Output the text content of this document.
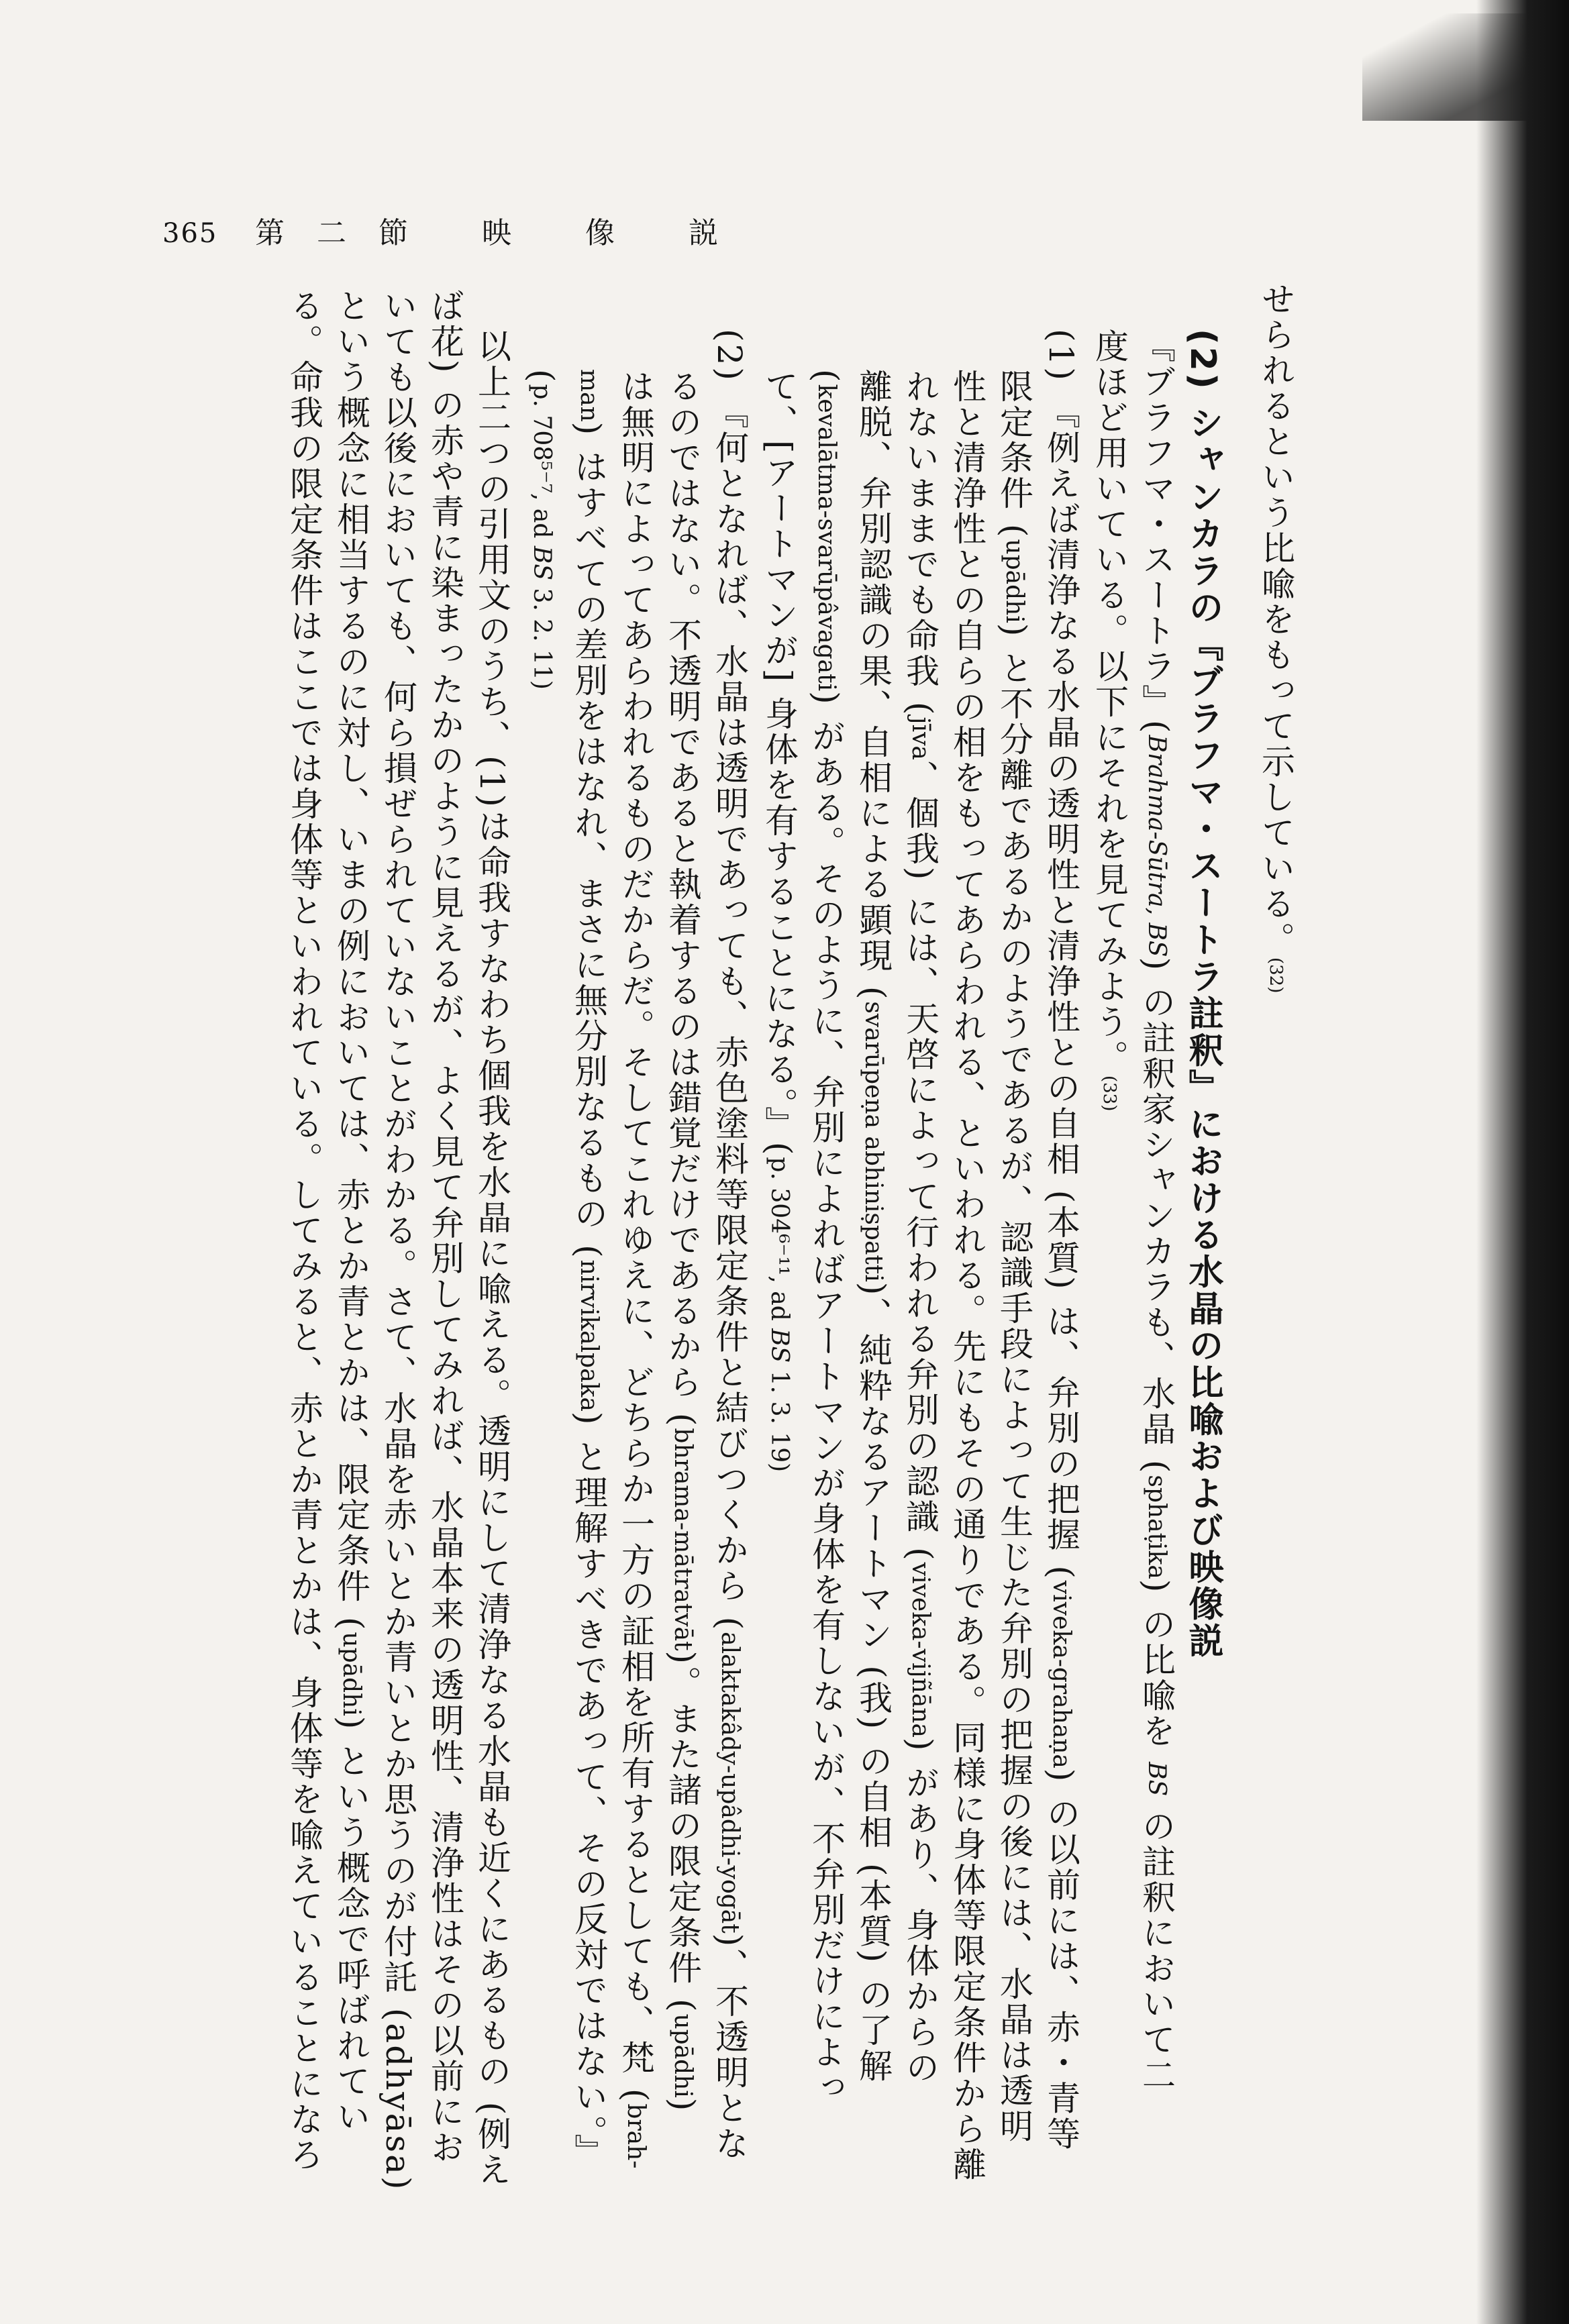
365 第二節 映 像 説
せられるという比喩をもって示している。(32)
(2) シャンカラの『ブラフマ・スートラ註釈』における水晶の比喩および映像説
『ブラフマ・スートラ』(Brahma-Sūtra, BS) の註釈家シャンカラも、水晶 (sphaṭika) の比喩を BS の註釈において二
度ほど用いている。以下にそれを見てみよう。(33)
(1) 『例えば清浄なる水晶の透明性と清浄性との自相 (本質) は、弁別の把握 (viveka-grahaṇa) の以前には、赤・青等
限定条件 (upādhi) と不分離であるかのようであるが、認識手段によって生じた弁別の把握の後には、水晶は透明
性と清浄性との自らの相をもってあらわれる、といわれる。先にもその通りである。同様に身体等限定条件から離
れないままでも命我 (jīva、個我) には、天啓によって行われる弁別の認識 (viveka-vijñāna) があり、身体からの
離脱、弁別認識の果、自相による顕現 (svarūpeṇa abhiniṣpatti)、純粋なるアートマン (我) の自相 (本質) の了解
(kevalātma-svarūpâvagati) がある。そのように、弁別によればアートマンが身体を有しないが、不弁別だけによっ
て、[アートマンが] 身体を有することになる。』(p. 304⁶⁻¹¹, ad BS 1. 3. 19)
(2) 『何となれば、水晶は透明であっても、赤色塗料等限定条件と結びつくから (alaktakâdy-upâdhi-yogāt)、不透明とな
るのではない。不透明であると執着するのは錯覚だけであるから (bhrama-mātratvāt)。また諸の限定条件 (upādhi)
は無明によってあらわれるものだからだ。そしてこれゆえに、どちらか一方の証相を所有するとしても、梵 (brah-
man) はすべての差別をはなれ、まさに無分別なるもの (nirvikalpaka) と理解すべきであって、その反対ではない。』
(p. 708⁵⁻⁷, ad BS 3. 2. 11)
以上二つの引用文のうち、(1)は命我すなわち個我を水晶に喩える。透明にして清浄なる水晶も近くにあるもの (例え
ば花) の赤や青に染まったかのように見えるが、よく見て弁別してみれば、水晶本来の透明性、清浄性はその以前にお
いても以後においても、何ら損ぜられていないことがわかる。さて、水晶を赤いとか青いとか思うのが付託 (adhyāsa)
という概念に相当するのに対し、いまの例においては、赤とか青とかは、限定条件 (upādhi) という概念で呼ばれてい
る。命我の限定条件はここでは身体等といわれている。してみると、赤とか青とかは、身体等を喩えていることになろ
